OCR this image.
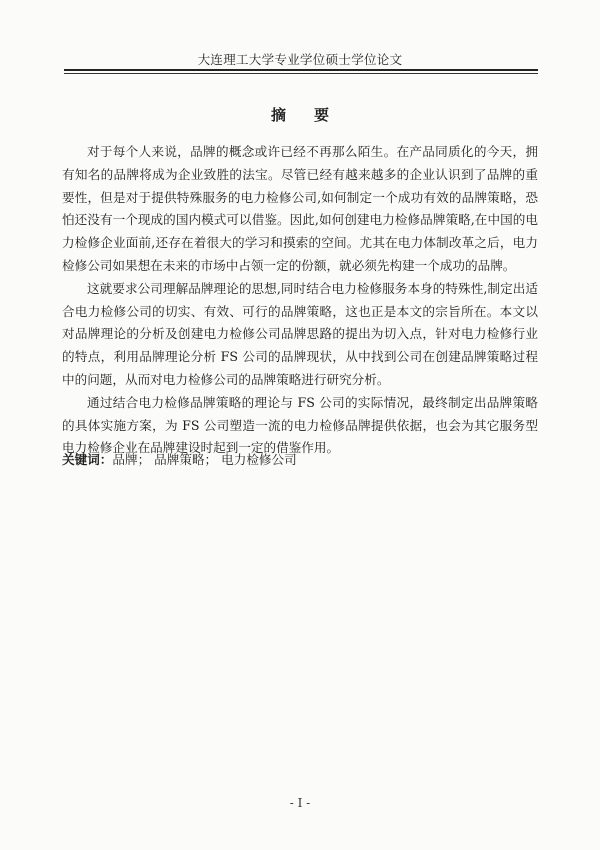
大连理工大学专业学位硕士学位论文
摘要

对于每个人来说，品牌的概念或许已经不再那么陌生。在产品同质化的今天，拥有知名的品牌将成为企业致胜的法宝。尽管已经有越来越多的企业认识到了品牌的重要性，但是对于提供特殊服务的电力检修公司,如何制定一个成功有效的品牌策略，恐怕还没有一个现成的国内模式可以借鉴。因此,如何创建电力检修品牌策略,在中国的电力检修企业面前,还存在着很大的学习和摸索的空间。尤其在电力体制改革之后，电力检修公司如果想在未来的市场中占领一定的份额，就必须先构建一个成功的品牌。

这就要求公司理解品牌理论的思想,同时结合电力检修服务本身的特殊性,制定出适合电力检修公司的切实、有效、可行的品牌策略，这也正是本文的宗旨所在。本文以对品牌理论的分析及创建电力检修公司品牌思路的提出为切入点，针对电力检修行业的特点，利用品牌理论分析 FS 公司的品牌现状，从中找到公司在创建品牌策略过程中的问题，从而对电力检修公司的品牌策略进行研究分析。

通过结合电力检修品牌策略的理论与 FS 公司的实际情况，最终制定出品牌策略的具体实施方案，为 FS 公司塑造一流的电力检修品牌提供依据，也会为其它服务型电力检修企业在品牌建设时起到一定的借鉴作用。

关键词：品牌； 品牌策略； 电力检修公司
- I -
